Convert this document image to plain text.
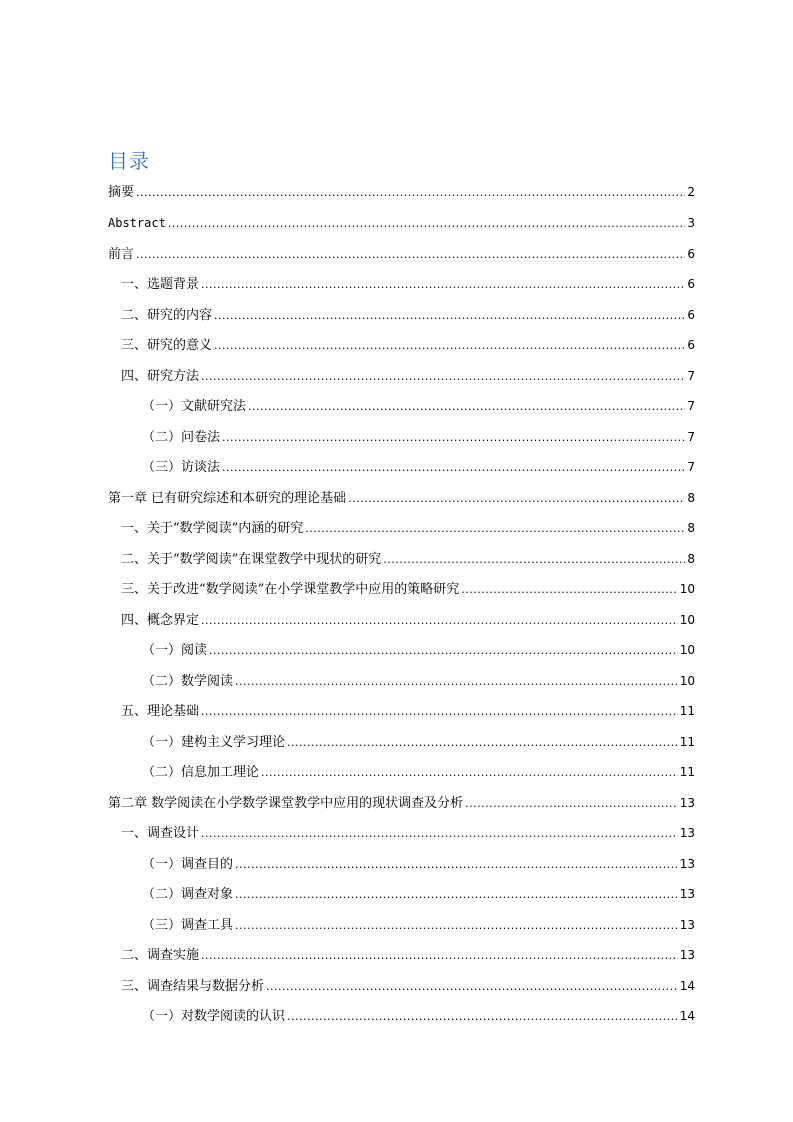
目录
摘要 .....	2
Abstract .....	3
前言 .....	6
一、选题背景 .....	6
二、研究的内容 .....	6
三、研究的意义 .....	6
四、研究方法 .....	7
（一）文献研究法 .....	7
（二）问卷法 .....	7
（三）访谈法 .....	7
第一章 已有研究综述和本研究的理论基础 .....	8
一、关于“数学阅读”内涵的研究 .....	8
二、关于“数学阅读”在课堂教学中现状的研究 .....	8
三、关于改进“数学阅读”在小学课堂教学中应用的策略研究 .....	10
四、概念界定 .....	10
（一）阅读 .....	10
（二）数学阅读 .....	10
五、理论基础 .....	11
（一）建构主义学习理论 .....	11
（二）信息加工理论 .....	11
第二章 数学阅读在小学数学课堂教学中应用的现状调查及分析 .....	13
一、调查设计 .....	13
（一）调查目的 .....	13
（二）调查对象 .....	13
（三）调查工具 .....	13
二、调查实施 .....	13
三、调查结果与数据分析 .....	14
（一）对数学阅读的认识 .....	14
